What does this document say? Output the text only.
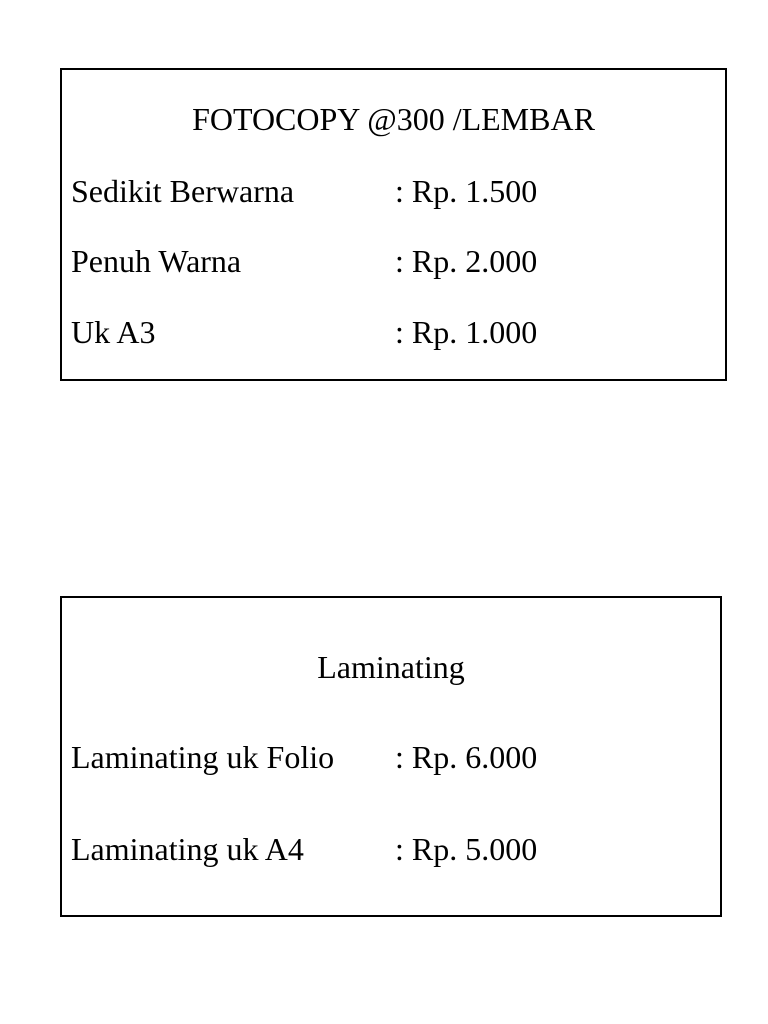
FOTOCOPY @300 /LEMBAR
Sedikit Berwarna	: Rp. 1.500
Penuh Warna	: Rp. 2.000
Uk A3	: Rp. 1.000
Laminating
Laminating uk Folio : Rp. 6.000
Laminating uk A4	: Rp. 5.000
